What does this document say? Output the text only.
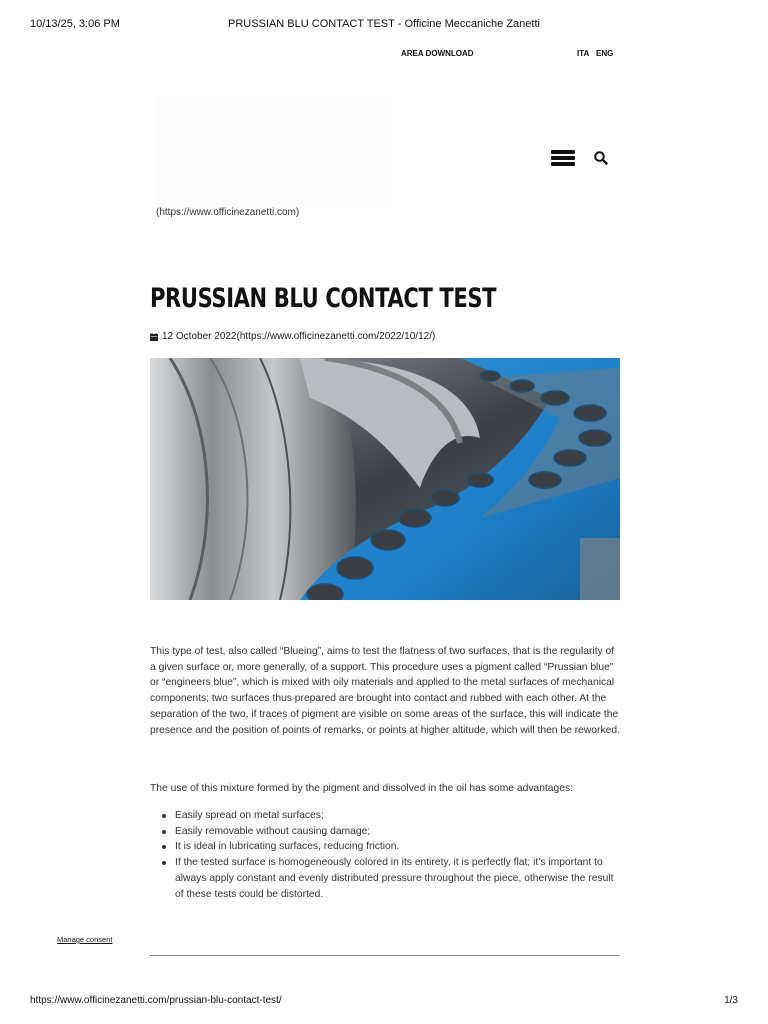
10/13/25, 3:06 PM	PRUSSIAN BLU CONTACT TEST - Officine Meccaniche Zanetti
AREA DOWNLOAD	ITA ENG
(https://www.officinezanetti.com)
PRUSSIAN BLU CONTACT TEST
12 October 2022(https://www.officinezanetti.com/2022/10/12/)
This type of test, also called “Blueing”, aims to test the flatness of two surfaces, that is the regularity of a given surface or, more generally, of a support. This procedure uses a pigment called “Prussian blue” or “engineers blue”, which is mixed with oily materials and applied to the metal surfaces of mechanical components; two surfaces thus prepared are brought into contact and rubbed with each other. At the separation of the two, if traces of pigment are visible on some areas of the surface, this will indicate the presence and the position of points of remarks, or points at higher altitude, which will then be reworked.
The use of this mixture formed by the pigment and dissolved in the oil has some advantages:
Easily spread on metal surfaces;
Easily removable without causing damage;
It is ideal in lubricating surfaces, reducing friction.
If the tested surface is homogeneously colored in its entirety, it is perfectly flat; it’s important to always apply constant and evenly distributed pressure throughout the piece, otherwise the result of these tests could be distorted.
Manage consent
https://www.officinezanetti.com/prussian-blu-contact-test/	1/3
